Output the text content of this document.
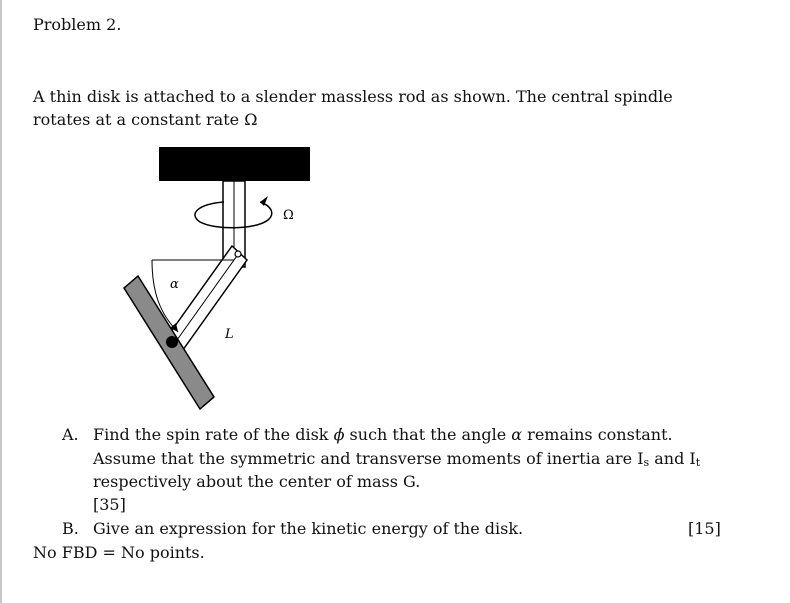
Problem 2.
A thin disk is attached to a slender massless rod as shown. The central spindle
rotates at a constant rate Ω
Ω
α
L
A. Find the spin rate of the disk ϕ̇ such that the angle α remains constant.
Assume that the symmetric and transverse moments of inertia are Is and It
respectively about the center of mass G.
[35]
B. Give an expression for the kinetic energy of the disk.	[15]
No FBD = No points.
